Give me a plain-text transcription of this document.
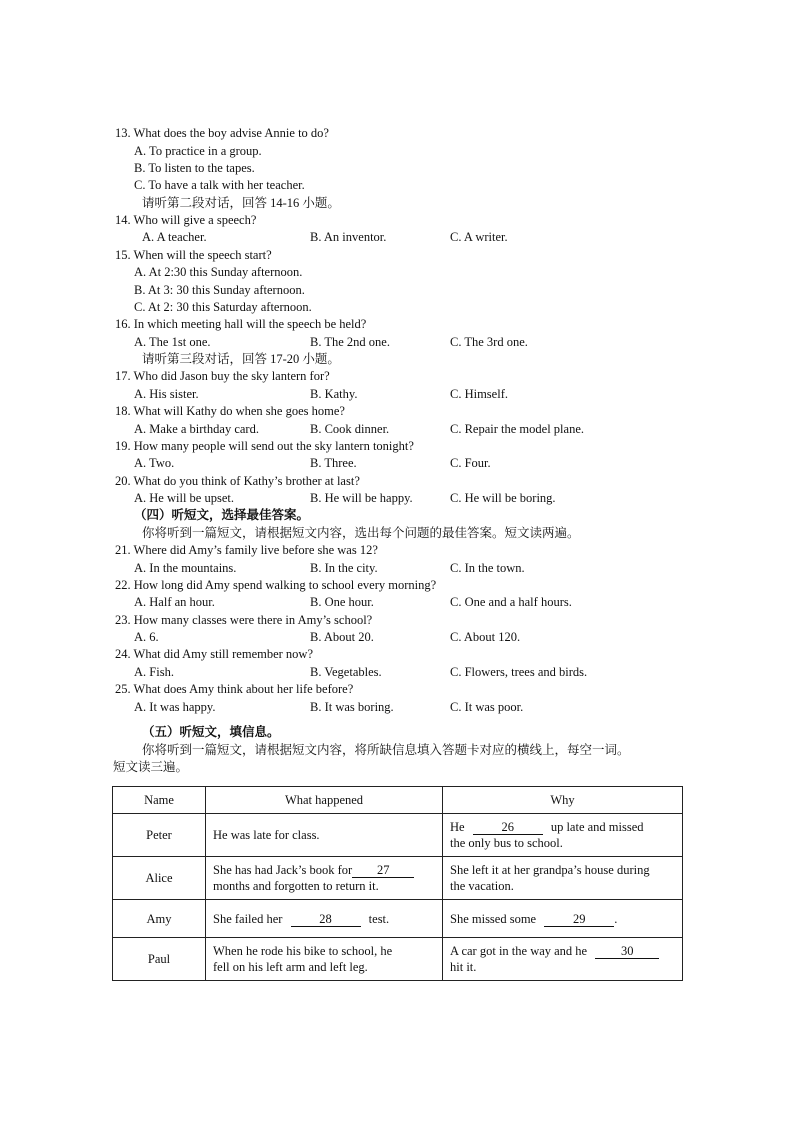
13. What does the boy advise Annie to do?
A. To practice in a group.
B. To listen to the tapes.
C. To have a talk with her teacher.
请听第二段对话，回答 14-16 小题。
14. Who will give a speech?
A. A teacher.	B. An inventor.	C. A writer.
15. When will the speech start?
A. At 2:30 this Sunday afternoon.
B. At 3: 30 this Sunday afternoon.
C. At 2: 30 this Saturday afternoon.
16. In which meeting hall will the speech be held?
A. The 1st one.	B. The 2nd one.	C. The 3rd one.
请听第三段对话，回答 17-20 小题。
17. Who did Jason buy the sky lantern for?
A. His sister.	B. Kathy.	C. Himself.
18. What will Kathy do when she goes home?
A. Make a birthday card.	B. Cook dinner.	C. Repair the model plane.
19. How many people will send out the sky lantern tonight?
A. Two.	B. Three.	C. Four.
20. What do you think of Kathy’s brother at last?
A. He will be upset.	B. He will be happy.	C. He will be boring.
（四）听短文，选择最佳答案。
你将听到一篇短文，请根据短文内容，选出每个问题的最佳答案。短文读两遍。
21. Where did Amy’s family live before she was 12?
A. In the mountains.	B. In the city.	C. In the town.
22. How long did Amy spend walking to school every morning?
A. Half an hour.	B. One hour.	C. One and a half hours.
23. How many classes were there in Amy’s school?
A. 6.	B. About 20.	C. About 120.
24. What did Amy still remember now?
A. Fish.	B. Vegetables.	C. Flowers, trees and birds.
25. What does Amy think about her life before?
A. It was happy.	B. It was boring.	C. It was poor.
（五）听短文，填信息。
你将听到一篇短文，请根据短文内容，将所缺信息填入答题卡对应的横线上，每空一词。
短文读三遍。
Name	What happened	Why
Peter	He was late for class.	He 26 up late and missed
the only bus to school.
Alice	She has had Jack’s book for 27
months and forgotten to return it.	She left it at her grandpa’s house during
the vacation.
Amy	She failed her 28 test.	She missed some 29 .
Paul	When he rode his bike to school, he
fell on his left arm and left leg.	A car got in the way and he 30
hit it.
